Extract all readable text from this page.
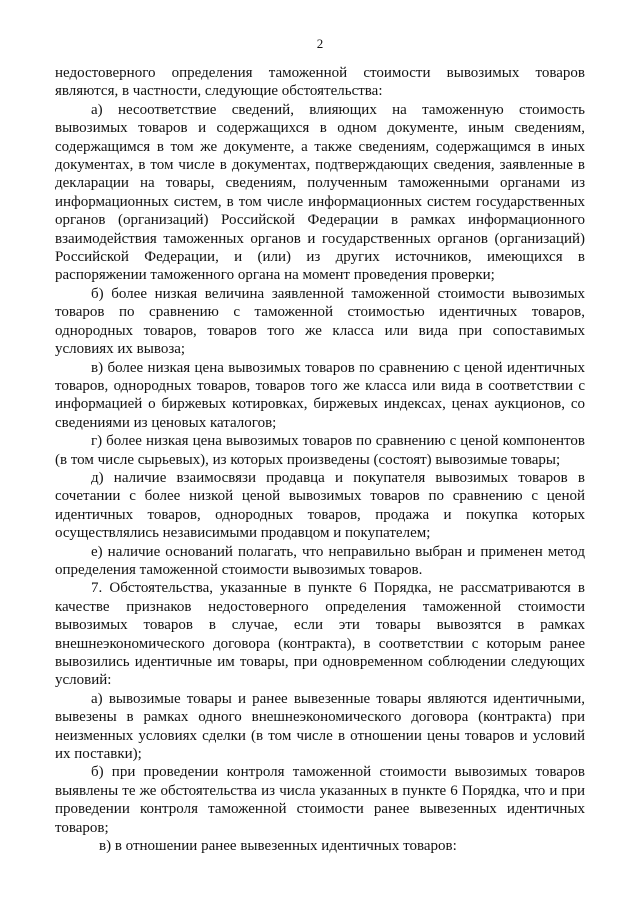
2

недостоверного определения таможенной стоимости вывозимых товаров являются, в частности, следующие обстоятельства:

а) несоответствие сведений, влияющих на таможенную стоимость вывозимых товаров и содержащихся в одном документе, иным сведениям, содержащимся в том же документе, а также сведениям, содержащимся в иных документах, в том числе в документах, подтверждающих сведения, заявленные в декларации на товары, сведениям, полученным таможенными органами из информационных систем, в том числе информационных систем государственных органов (организаций) Российской Федерации в рамках информационного взаимодействия таможенных органов и государственных органов (организаций) Российской Федерации, и (или) из других источников, имеющихся в распоряжении таможенного органа на момент проведения проверки;

б) более низкая величина заявленной таможенной стоимости вывозимых товаров по сравнению с таможенной стоимостью идентичных товаров, однородных товаров, товаров того же класса или вида при сопоставимых условиях их вывоза;

в) более низкая цена вывозимых товаров по сравнению с ценой идентичных товаров, однородных товаров, товаров того же класса или вида в соответствии с информацией о биржевых котировках, биржевых индексах, ценах аукционов, со сведениями из ценовых каталогов;

г) более низкая цена вывозимых товаров по сравнению с ценой компонентов (в том числе сырьевых), из которых произведены (состоят) вывозимые товары;

д) наличие взаимосвязи продавца и покупателя вывозимых товаров в сочетании с более низкой ценой вывозимых товаров по сравнению с ценой идентичных товаров, однородных товаров, продажа и покупка которых осуществлялись независимыми продавцом и покупателем;

е) наличие оснований полагать, что неправильно выбран и применен метод определения таможенной стоимости вывозимых товаров.

7. Обстоятельства, указанные в пункте 6 Порядка, не рассматриваются в качестве признаков недостоверного определения таможенной стоимости вывозимых товаров в случае, если эти товары вывозятся в рамках внешнеэкономического договора (контракта), в соответствии с которым ранее вывозились идентичные им товары, при одновременном соблюдении следующих условий:

а) вывозимые товары и ранее вывезенные товары являются идентичными, вывезены в рамках одного внешнеэкономического договора (контракта) при неизменных условиях сделки (в том числе в отношении цены товаров и условий их поставки);

б) при проведении контроля таможенной стоимости вывозимых товаров выявлены те же обстоятельства из числа указанных в пункте 6 Порядка, что и при проведении контроля таможенной стоимости ранее вывезенных идентичных товаров;

в) в отношении ранее вывезенных идентичных товаров:
